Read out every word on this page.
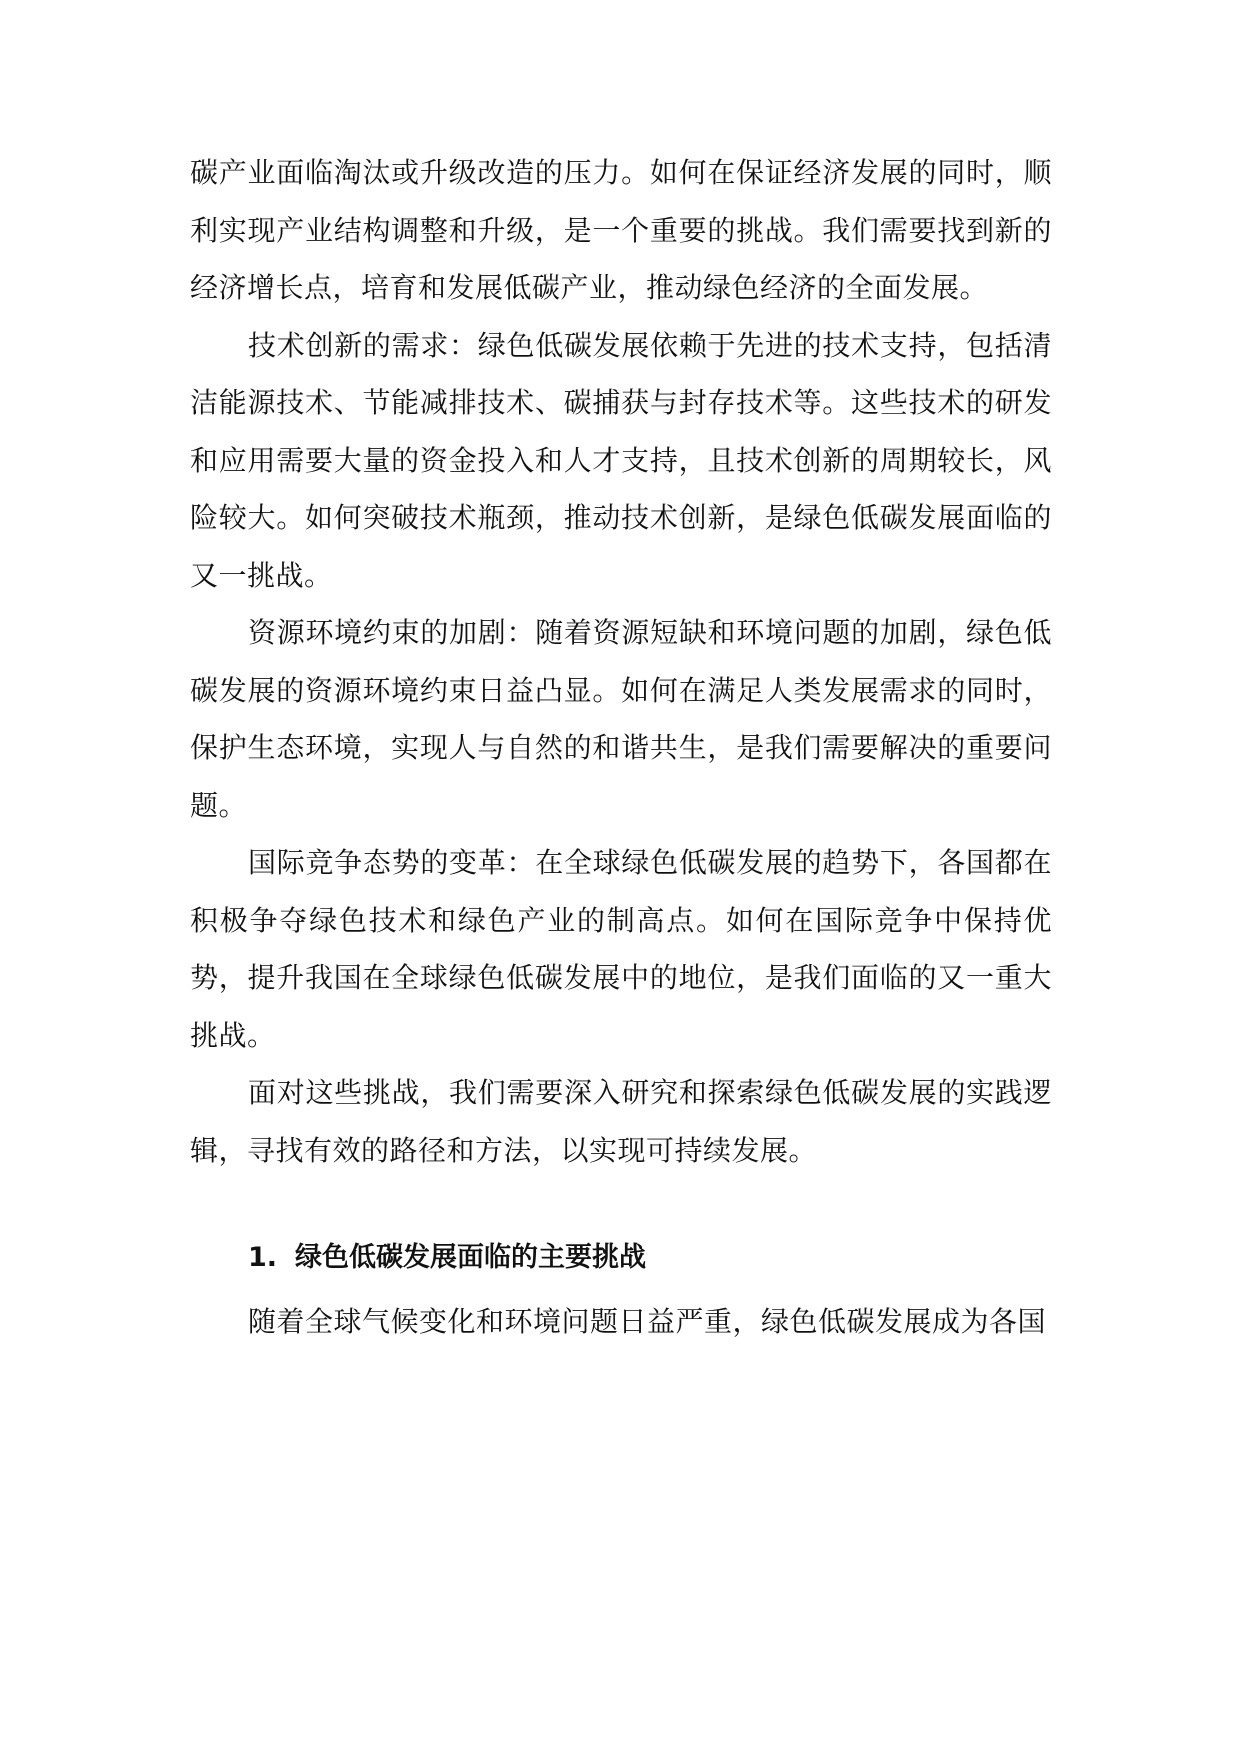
碳产业面临淘汰或升级改造的压力。如何在保证经济发展的同时，顺利实现产业结构调整和升级，是一个重要的挑战。我们需要找到新的经济增长点，培育和发展低碳产业，推动绿色经济的全面发展。

技术创新的需求：绿色低碳发展依赖于先进的技术支持，包括清洁能源技术、节能减排技术、碳捕获与封存技术等。这些技术的研发和应用需要大量的资金投入和人才支持，且技术创新的周期较长，风险较大。如何突破技术瓶颈，推动技术创新，是绿色低碳发展面临的又一挑战。

资源环境约束的加剧：随着资源短缺和环境问题的加剧，绿色低碳发展的资源环境约束日益凸显。如何在满足人类发展需求的同时，保护生态环境，实现人与自然的和谐共生，是我们需要解决的重要问题。

国际竞争态势的变革：在全球绿色低碳发展的趋势下，各国都在积极争夺绿色技术和绿色产业的制高点。如何在国际竞争中保持优势，提升我国在全球绿色低碳发展中的地位，是我们面临的又一重大挑战。

面对这些挑战，我们需要深入研究和探索绿色低碳发展的实践逻辑，寻找有效的路径和方法，以实现可持续发展。

1. 绿色低碳发展面临的主要挑战

随着全球气候变化和环境问题日益严重，绿色低碳发展成为各国
